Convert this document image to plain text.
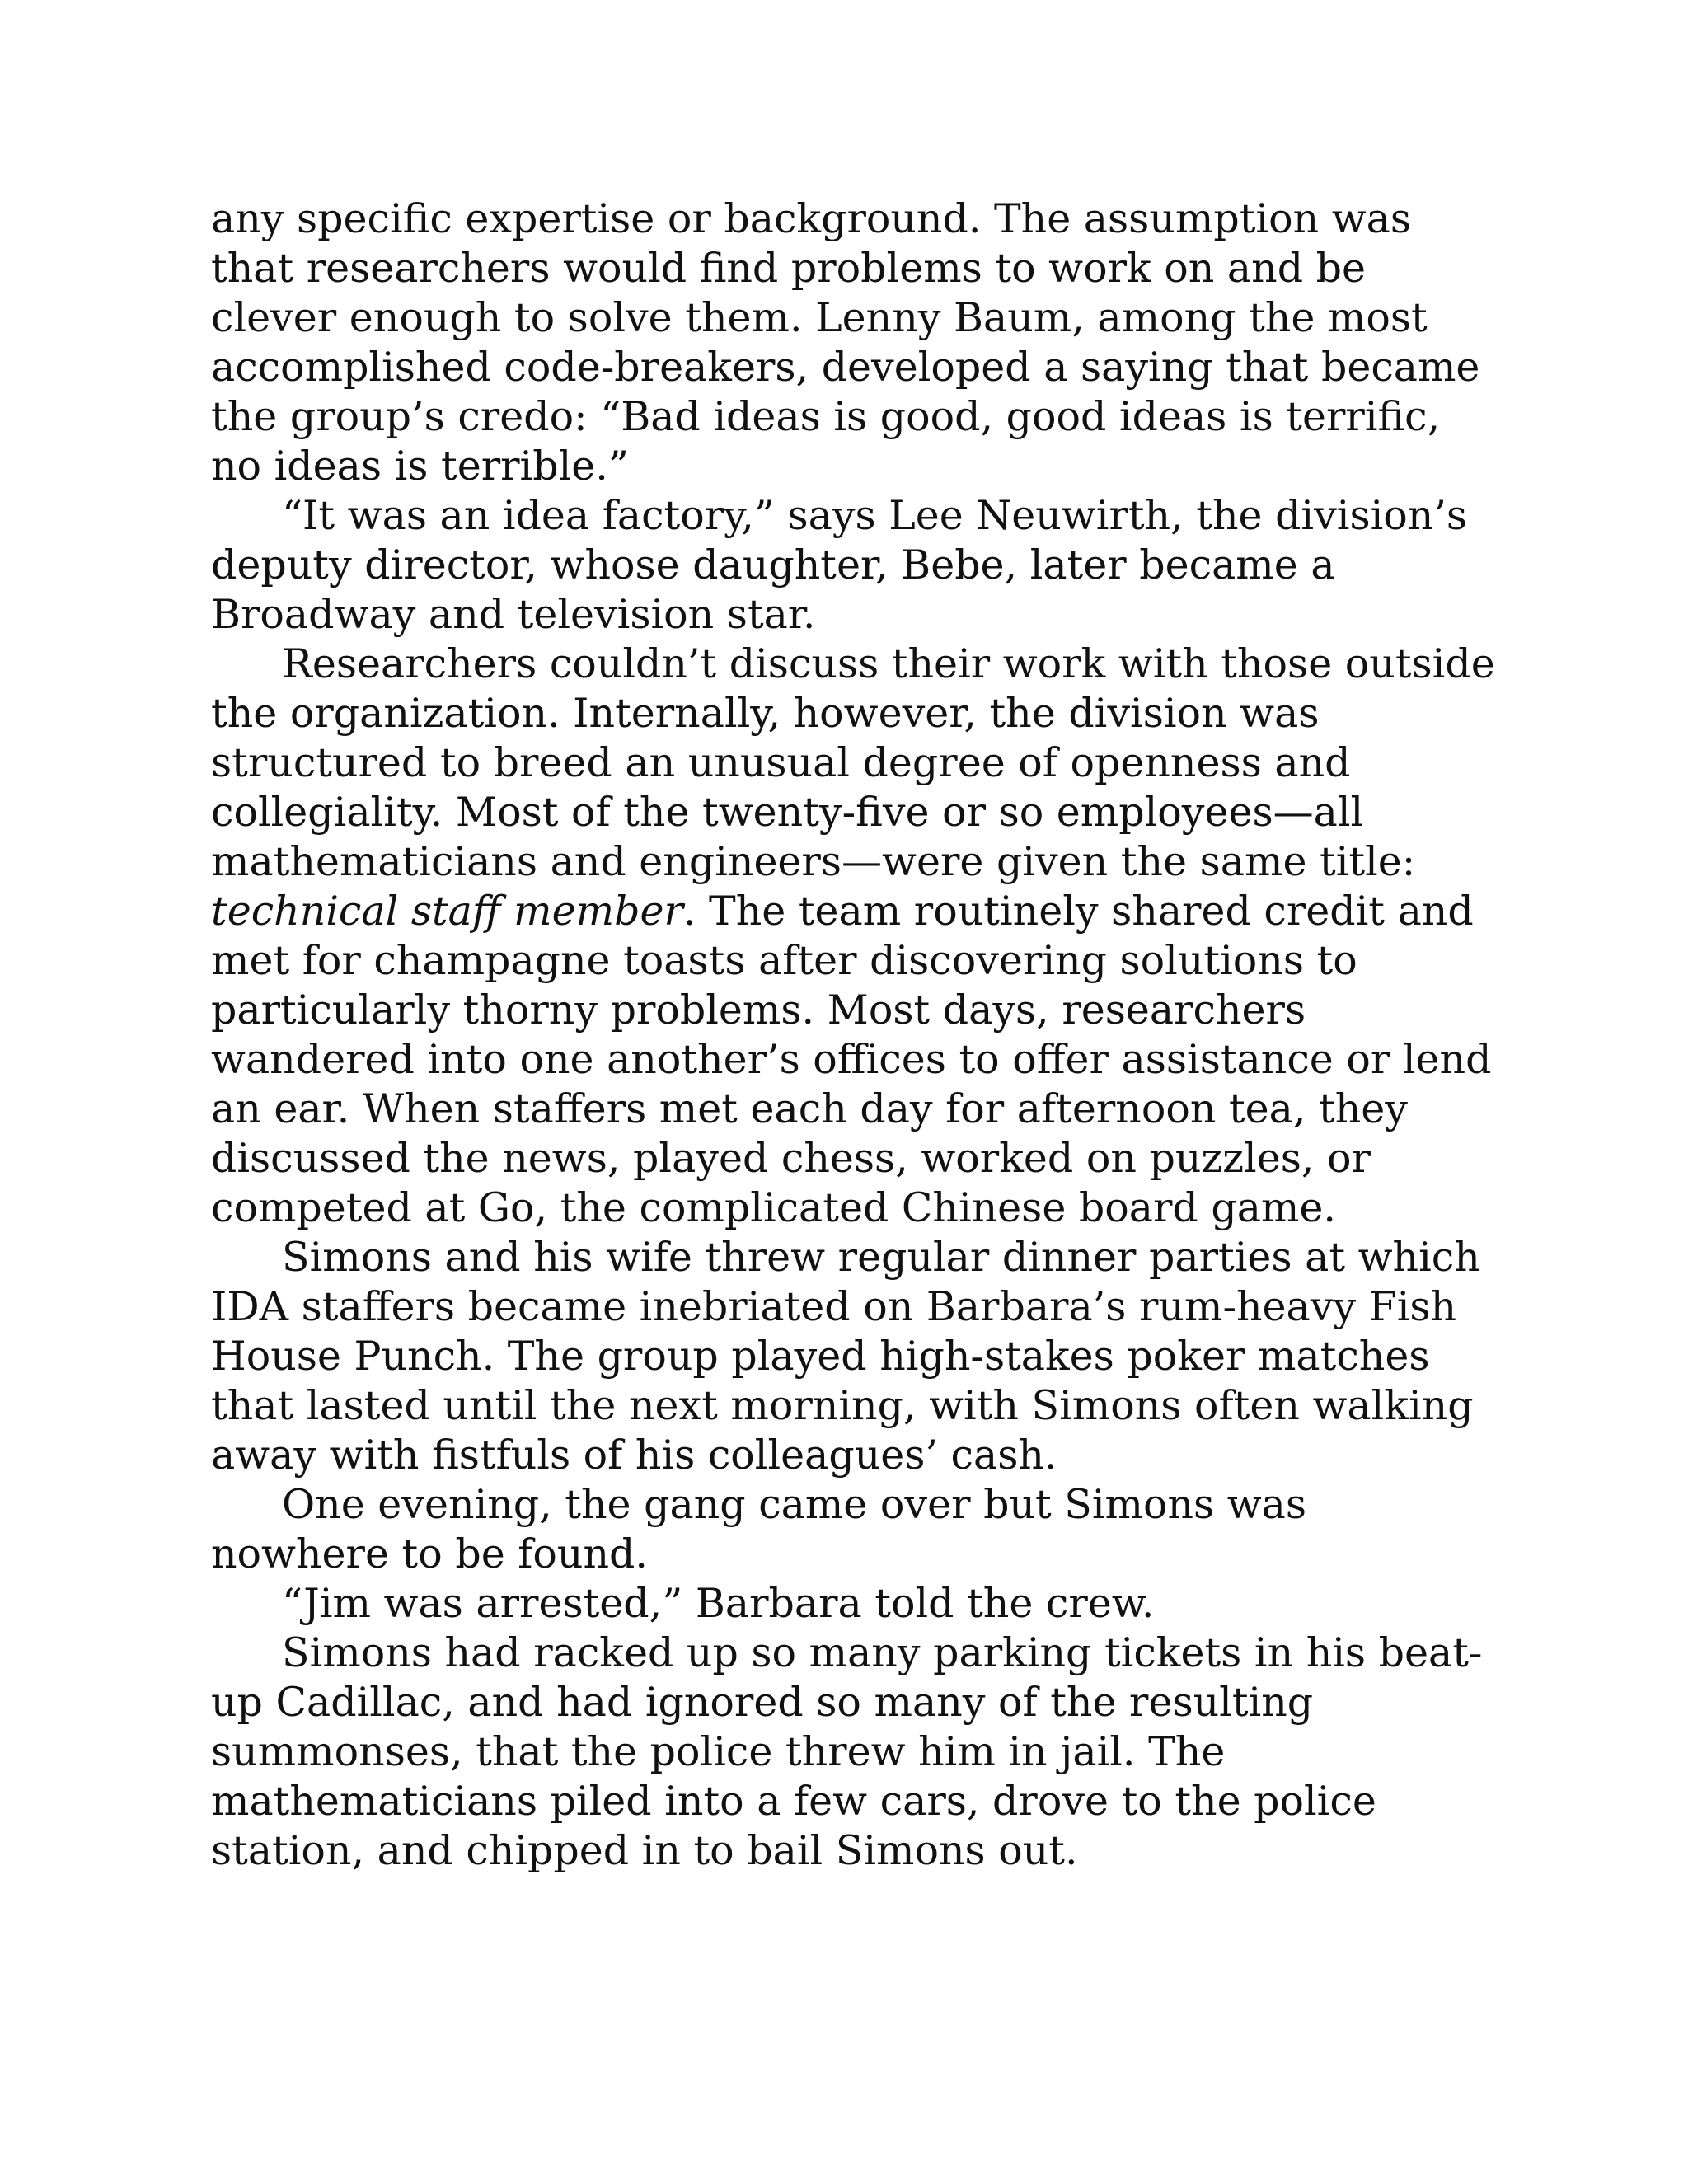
any specific expertise or background. The assumption was that researchers would find problems to work on and be clever enough to solve them. Lenny Baum, among the most accomplished code-breakers, developed a saying that became the group’s credo: “Bad ideas is good, good ideas is terrific, no ideas is terrible.”

“It was an idea factory,” says Lee Neuwirth, the division’s deputy director, whose daughter, Bebe, later became a Broadway and television star.

Researchers couldn’t discuss their work with those outside the organization. Internally, however, the division was structured to breed an unusual degree of openness and collegiality. Most of the twenty-five or so employees—all mathematicians and engineers—were given the same title: technical staff member. The team routinely shared credit and met for champagne toasts after discovering solutions to particularly thorny problems. Most days, researchers wandered into one another’s offices to offer assistance or lend an ear. When staffers met each day for afternoon tea, they discussed the news, played chess, worked on puzzles, or competed at Go, the complicated Chinese board game.

Simons and his wife threw regular dinner parties at which IDA staffers became inebriated on Barbara’s rum-heavy Fish House Punch. The group played high-stakes poker matches that lasted until the next morning, with Simons often walking away with fistfuls of his colleagues’ cash.

One evening, the gang came over but Simons was nowhere to be found.

“Jim was arrested,” Barbara told the crew.

Simons had racked up so many parking tickets in his beat-up Cadillac, and had ignored so many of the resulting summonses, that the police threw him in jail. The mathematicians piled into a few cars, drove to the police station, and chipped in to bail Simons out.
